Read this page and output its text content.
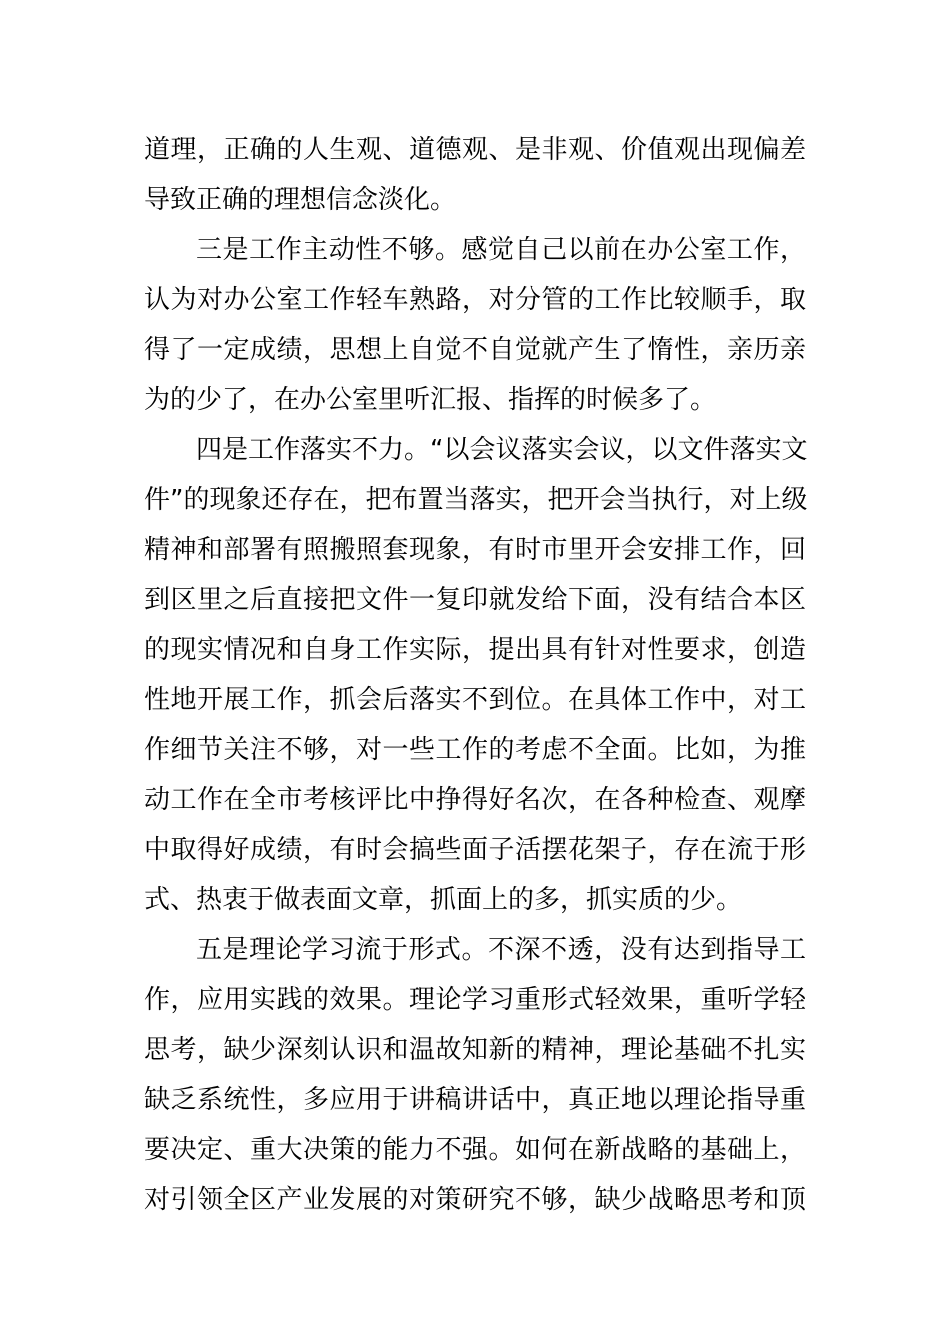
道理，正确的人生观、道德观、是非观、价值观出现偏差
导致正确的理想信念淡化。
三是工作主动性不够。感觉自己以前在办公室工作，
认为对办公室工作轻车熟路，对分管的工作比较顺手，取
得了一定成绩，思想上自觉不自觉就产生了惰性，亲历亲
为的少了，在办公室里听汇报、指挥的时候多了。
四是工作落实不力。“以会议落实会议，以文件落实文
件”的现象还存在，把布置当落实，把开会当执行，对上级
精神和部署有照搬照套现象，有时市里开会安排工作，回
到区里之后直接把文件一复印就发给下面，没有结合本区
的现实情况和自身工作实际，提出具有针对性要求，创造
性地开展工作，抓会后落实不到位。在具体工作中，对工
作细节关注不够，对一些工作的考虑不全面。比如，为推
动工作在全市考核评比中挣得好名次，在各种检查、观摩
中取得好成绩，有时会搞些面子活摆花架子，存在流于形
式、热衷于做表面文章，抓面上的多，抓实质的少。
五是理论学习流于形式。不深不透，没有达到指导工
作，应用实践的效果。理论学习重形式轻效果，重听学轻
思考，缺少深刻认识和温故知新的精神，理论基础不扎实
缺乏系统性，多应用于讲稿讲话中，真正地以理论指导重
要决定、重大决策的能力不强。如何在新战略的基础上，
对引领全区产业发展的对策研究不够，缺少战略思考和顶
